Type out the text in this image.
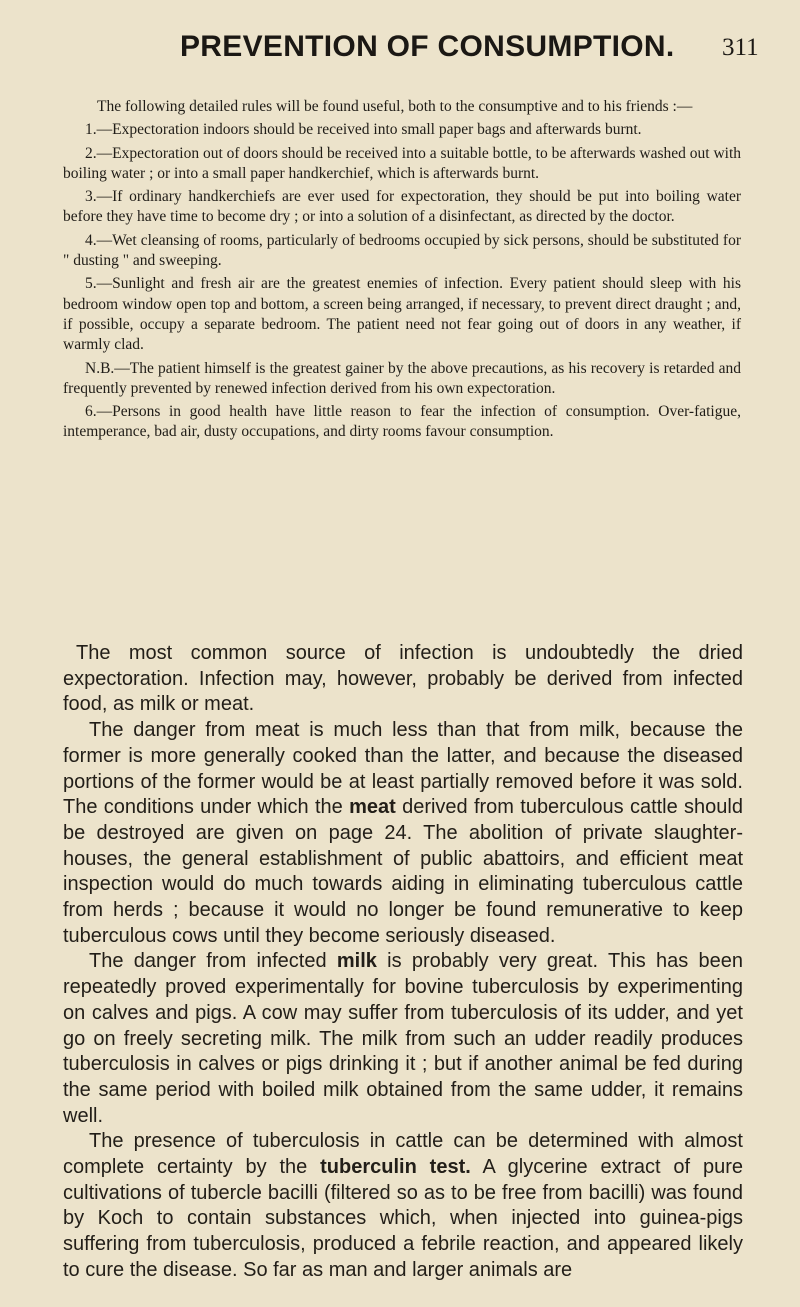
PREVENTION OF CONSUMPTION. 311

The following detailed rules will be found useful, both to the consumptive and to his friends :—

1.—Expectoration indoors should be received into small paper bags and afterwards burnt.

2.—Expectoration out of doors should be received into a suitable bottle, to be afterwards washed out with boiling water ; or into a small paper handkerchief, which is afterwards burnt.

3.—If ordinary handkerchiefs are ever used for expectoration, they should be put into boiling water before they have time to become dry ; or into a solution of a disinfectant, as directed by the doctor.

4.—Wet cleansing of rooms, particularly of bedrooms occupied by sick persons, should be substituted for " dusting " and sweeping.

5.—Sunlight and fresh air are the greatest enemies of infection. Every patient should sleep with his bedroom window open top and bottom, a screen being arranged, if necessary, to prevent direct draught ; and, if possible, occupy a separate bedroom. The patient need not fear going out of doors in any weather, if warmly clad.

N.B.—The patient himself is the greatest gainer by the above precautions, as his recovery is retarded and frequently prevented by renewed infection derived from his own expectoration.

6.—Persons in good health have little reason to fear the infection of consumption. Over-fatigue, intemperance, bad air, dusty occupations, and dirty rooms favour consumption.

The most common source of infection is undoubtedly the dried expectoration. Infection may, however, probably be derived from infected food, as milk or meat.

The danger from meat is much less than that from milk, because the former is more generally cooked than the latter, and because the diseased portions of the former would be at least partially removed before it was sold. The conditions under which the meat derived from tuberculous cattle should be destroyed are given on page 24. The abolition of private slaughter-houses, the general establishment of public abattoirs, and efficient meat inspection would do much towards aiding in eliminating tuberculous cattle from herds ; because it would no longer be found remunerative to keep tuberculous cows until they become seriously diseased.

The danger from infected milk is probably very great. This has been repeatedly proved experimentally for bovine tuberculosis by experimenting on calves and pigs. A cow may suffer from tuberculosis of its udder, and yet go on freely secreting milk. The milk from such an udder readily produces tuberculosis in calves or pigs drinking it ; but if another animal be fed during the same period with boiled milk obtained from the same udder, it remains well.

The presence of tuberculosis in cattle can be determined with almost complete certainty by the tuberculin test. A glycerine extract of pure cultivations of tubercle bacilli (filtered so as to be free from bacilli) was found by Koch to contain substances which, when injected into guinea-pigs suffering from tuberculosis, produced a febrile reaction, and appeared likely to cure the disease. So far as man and larger animals are
